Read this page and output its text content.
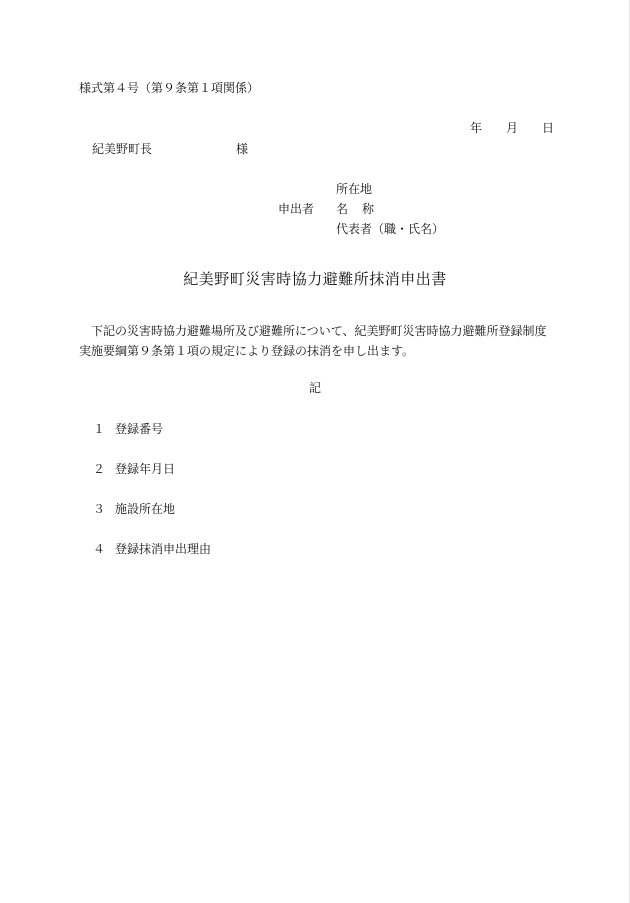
様式第４号（第９条第１項関係）
年 月 日
紀美野町長	様
所在地
申出者 名 称
代表者（職・氏名）
紀美野町災害時協力避難所抹消申出書
下記の災害時協力避難場所及び避難所について、紀美野町災害時協力避難所登録制度実施要綱第９条第１項の規定により登録の抹消を申し出ます。
記
１ 登録番号
２ 登録年月日
３ 施設所在地
４ 登録抹消申出理由
